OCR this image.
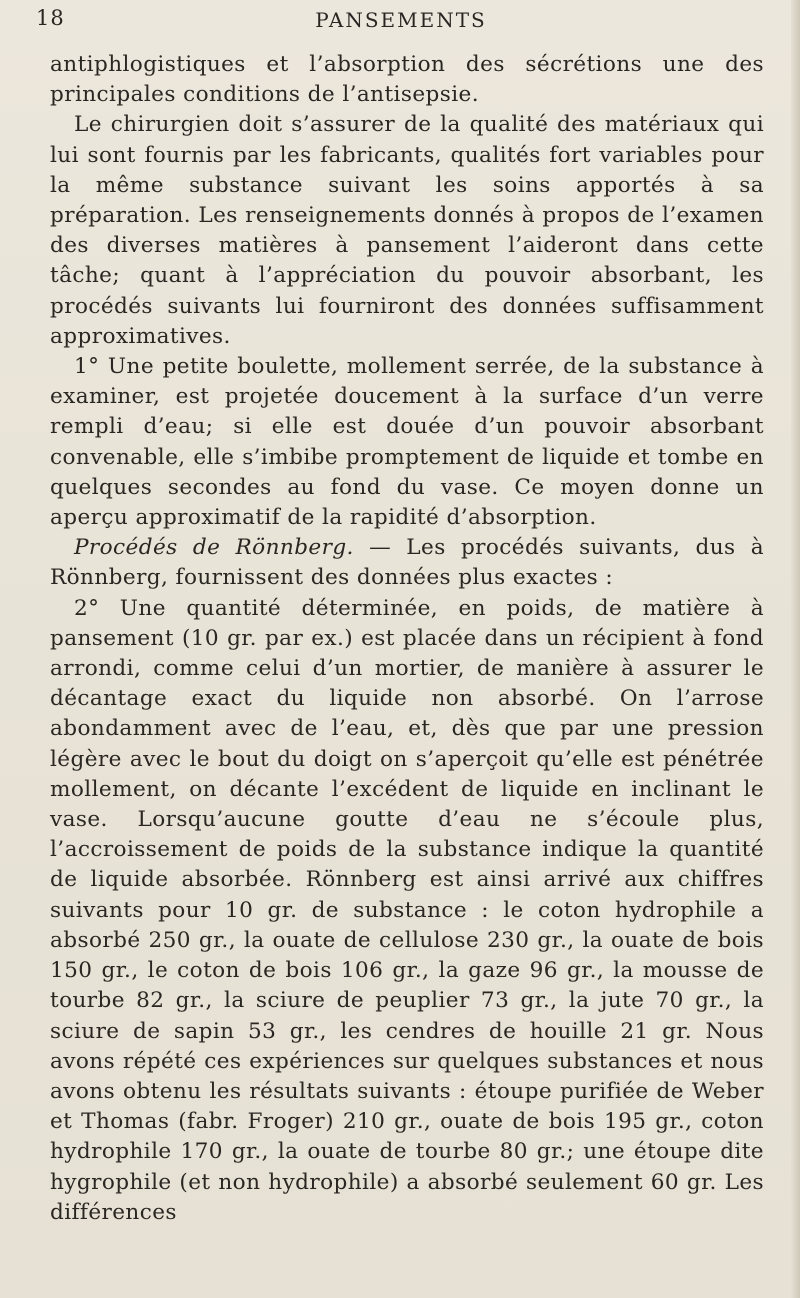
18	PANSEMENTS

antiphlogistiques et l’absorption des sécrétions une des principales conditions de l’antisepsie.

Le chirurgien doit s’assurer de la qualité des matériaux qui lui sont fournis par les fabricants, qualités fort variables pour la même substance suivant les soins apportés à sa préparation. Les renseignements donnés à propos de l’examen des diverses matières à pansement l’aideront dans cette tâche; quant à l’appréciation du pouvoir absorbant, les procédés suivants lui fourniront des données suffisamment approximatives.

1° Une petite boulette, mollement serrée, de la substance à examiner, est projetée doucement à la surface d’un verre rempli d’eau; si elle est douée d’un pouvoir absorbant convenable, elle s’imbibe promptement de liquide et tombe en quelques secondes au fond du vase. Ce moyen donne un aperçu approximatif de la rapidité d’absorption.

Procédés de Rönnberg. — Les procédés suivants, dus à Rönnberg, fournissent des données plus exactes :

2° Une quantité déterminée, en poids, de matière à pansement (10 gr. par ex.) est placée dans un récipient à fond arrondi, comme celui d’un mortier, de manière à assurer le décantage exact du liquide non absorbé. On l’arrose abondamment avec de l’eau, et, dès que par une pression légère avec le bout du doigt on s’aperçoit qu’elle est pénétrée mollement, on décante l’excédent de liquide en inclinant le vase. Lorsqu’aucune goutte d’eau ne s’écoule plus, l’accroissement de poids de la substance indique la quantité de liquide absorbée. Rönnberg est ainsi arrivé aux chiffres suivants pour 10 gr. de substance : le coton hydrophile a absorbé 250 gr., la ouate de cellulose 230 gr., la ouate de bois 150 gr., le coton de bois 106 gr., la gaze 96 gr., la mousse de tourbe 82 gr., la sciure de peuplier 73 gr., la jute 70 gr., la sciure de sapin 53 gr., les cendres de houille 21 gr. Nous avons répété ces expériences sur quelques substances et nous avons obtenu les résultats suivants : étoupe purifiée de Weber et Thomas (fabr. Froger) 210 gr., ouate de bois 195 gr., coton hydrophile 170 gr., la ouate de tourbe 80 gr.; une étoupe dite hygrophile (et non hydrophile) a absorbé seulement 60 gr. Les différences
